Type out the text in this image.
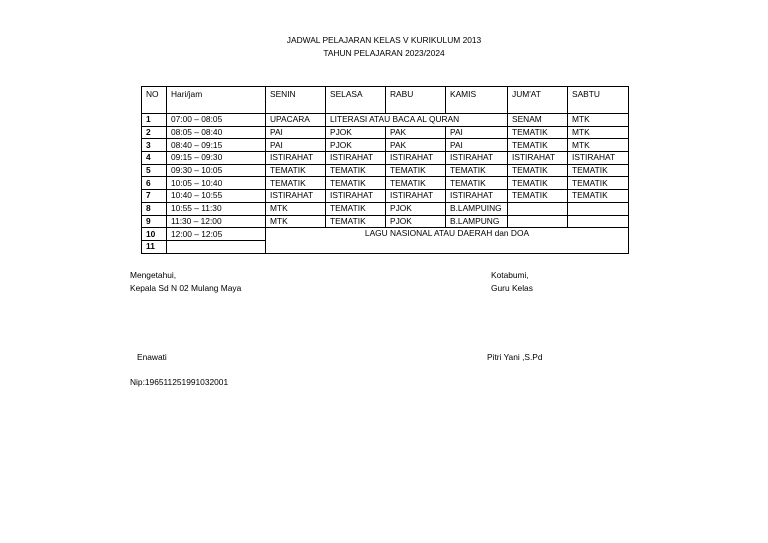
JADWAL PELAJARAN KELAS V KURIKULUM 2013
TAHUN PELAJARAN 2023/2024
NO	Hari/jam	SENIN	SELASA	RABU	KAMIS	JUM'AT	SABTU
1	07:00 – 08:05	UPACARA	LITERASI ATAU BACA AL QURAN			SENAM	MTK
2	08:05 – 08:40	PAI	PJOK	PAK	PAI	TEMATIK	MTK
3	08:40 – 09:15	PAI	PJOK	PAK	PAI	TEMATIK	MTK
4	09:15 – 09:30	ISTIRAHAT	ISTIRAHAT	ISTIRAHAT	ISTIRAHAT	ISTIRAHAT	ISTIRAHAT
5	09:30 – 10:05	TEMATIK	TEMATIK	TEMATIK	TEMATIK	TEMATIK	TEMATIK
6	10:05 – 10:40	TEMATIK	TEMATIK	TEMATIK	TEMATIK	TEMATIK	TEMATIK
7	10:40 – 10:55	ISTIRAHAT	ISTIRAHAT	ISTIRAHAT	ISTIRAHAT	TEMATIK	TEMATIK
8	10:55 – 11:30	MTK	TEMATIK	PJOK	B.LAMPUING		
9	11:30 – 12:00	MTK	TEMATIK	PJOK	B.LAMPUNG		
10	12:00 – 12:05	LAGU NASIONAL ATAU DAERAH dan DOA					
11							
Mengetahui,
Kepala Sd N 02 Mulang Maya
Enawati
Nip:196511251991032001
Kotabumi,
Guru Kelas
Pitri Yani ,S.Pd
